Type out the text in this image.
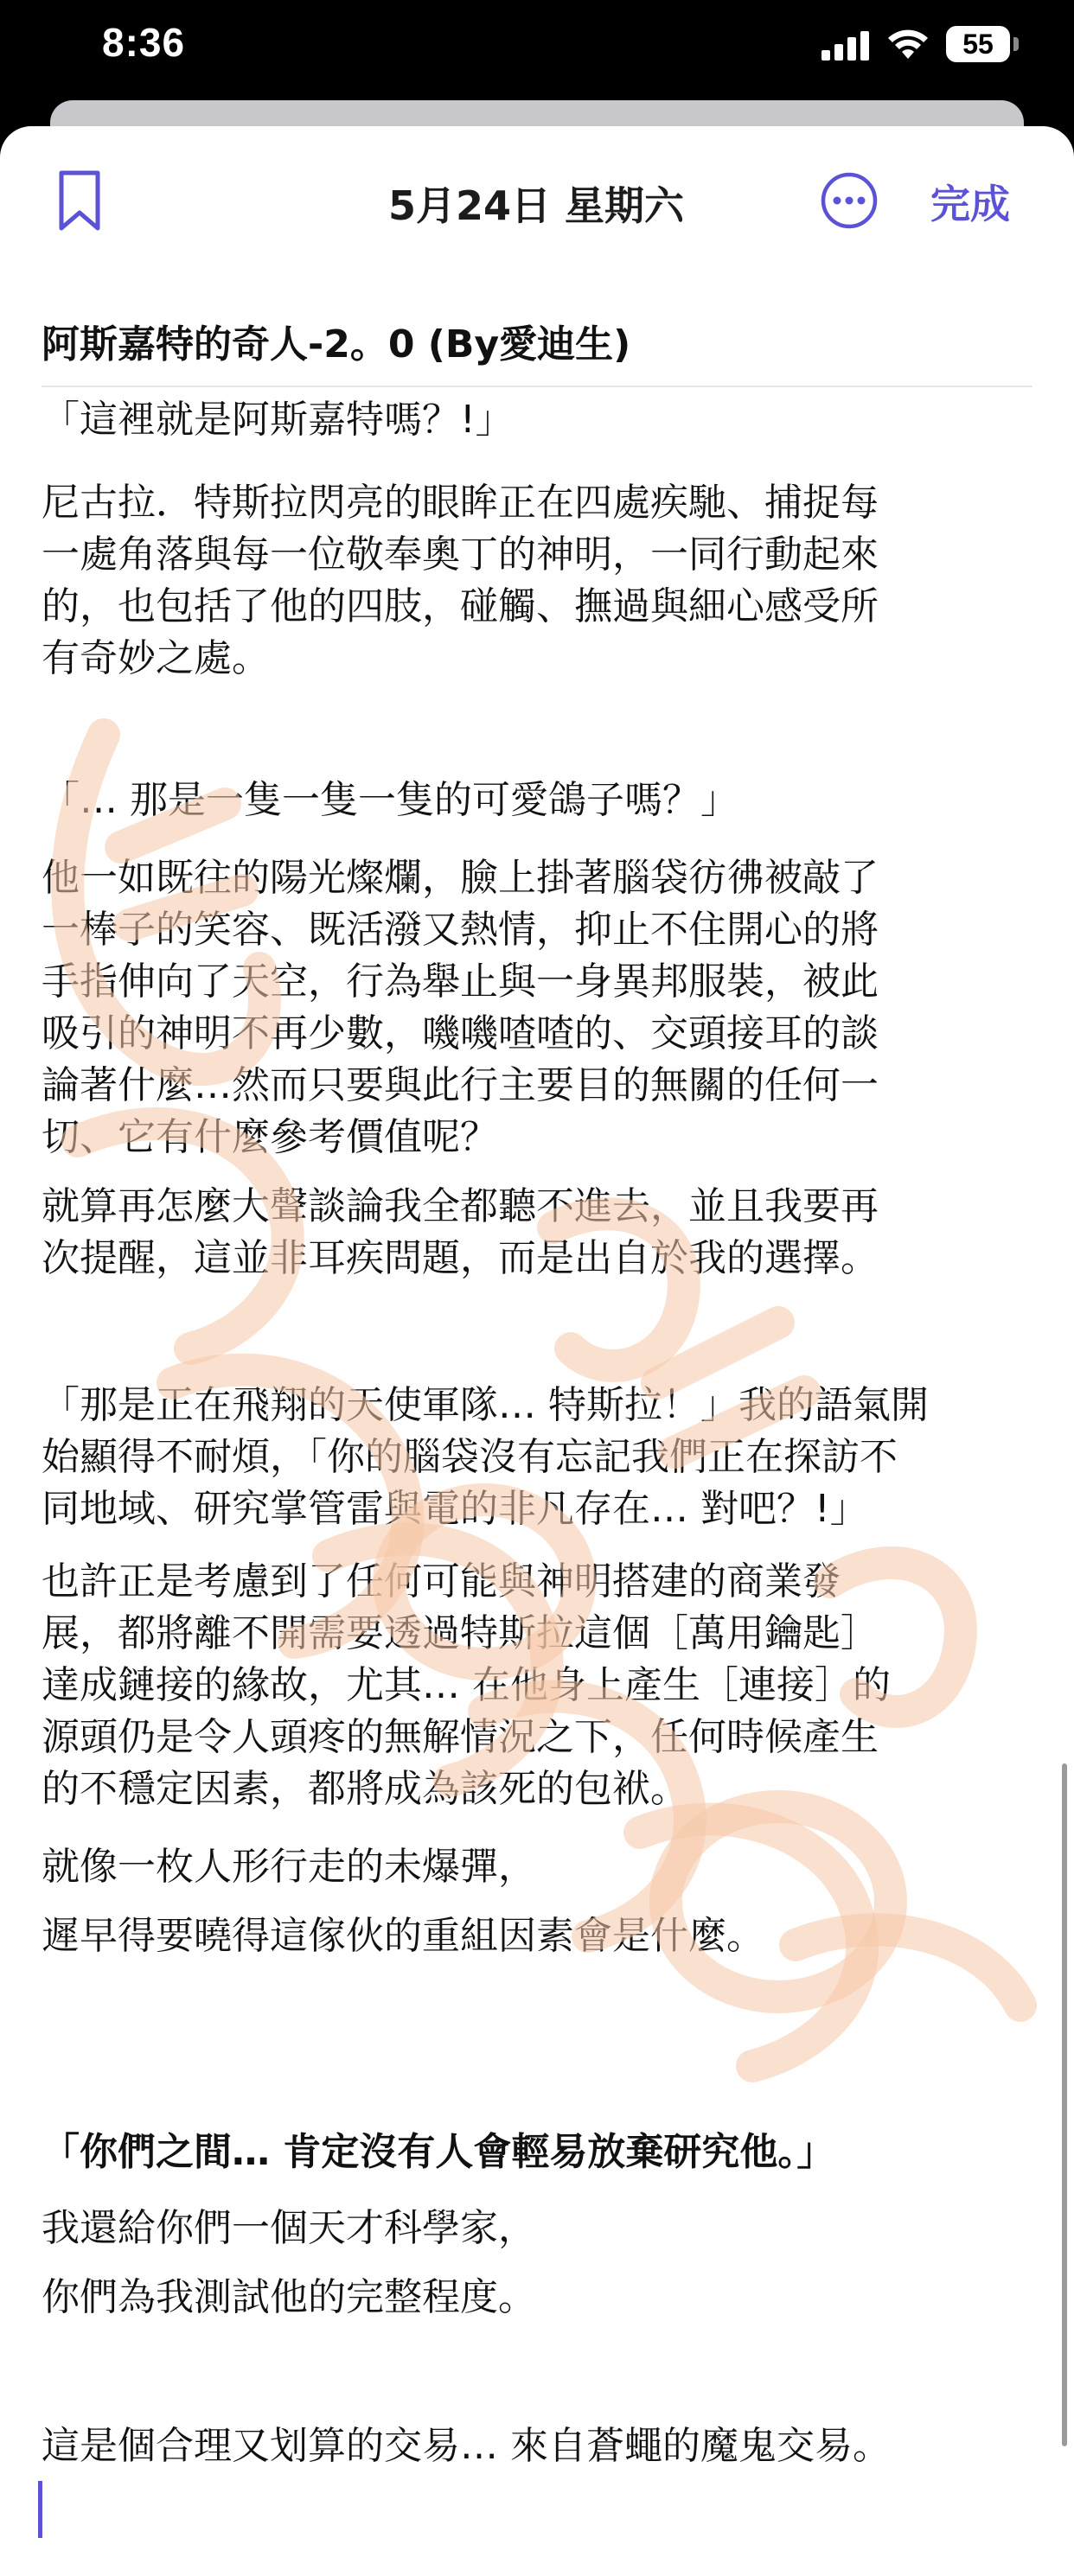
8:36	55
5月24日 星期六	完成
阿斯嘉特的奇人-2。0 (By愛迪生)
「這裡就是阿斯嘉特嗎？!」
尼古拉．特斯拉閃亮的眼眸正在四處疾馳、捕捉每
一處角落與每一位敬奉奧丁的神明，一同行動起來
的，也包括了他的四肢，碰觸、撫過與細心感受所
有奇妙之處。
「… 那是一隻一隻一隻的可愛鴿子嗎？」
他一如既往的陽光燦爛，臉上掛著腦袋彷彿被敲了
一棒子的笑容、既活潑又熱情，抑止不住開心的將
手指伸向了天空，行為舉止與一身異邦服裝，被此
吸引的神明不再少數，嘰嘰喳喳的、交頭接耳的談
論著什麼…然而只要與此行主要目的無關的任何一
切、它有什麼參考價值呢？
就算再怎麼大聲談論我全都聽不進去，並且我要再
次提醒，這並非耳疾問題，而是出自於我的選擇。
「那是正在飛翔的天使軍隊… 特斯拉！」我的語氣開
始顯得不耐煩，「你的腦袋沒有忘記我們正在探訪不
同地域、研究掌管雷與電的非凡存在… 對吧？!」
也許正是考慮到了任何可能與神明搭建的商業發
展，都將離不開需要透過特斯拉這個［萬用鑰匙］
達成鏈接的緣故，尤其… 在他身上產生［連接］的
源頭仍是令人頭疼的無解情況之下，任何時候產生
的不穩定因素，都將成為該死的包袱。
就像一枚人形行走的未爆彈，
遲早得要曉得這傢伙的重組因素會是什麼。
「你們之間… 肯定沒有人會輕易放棄研究他。」
我還給你們一個天才科學家，
你們為我測試他的完整程度。
這是個合理又划算的交易… 來自蒼蠅的魔鬼交易。
